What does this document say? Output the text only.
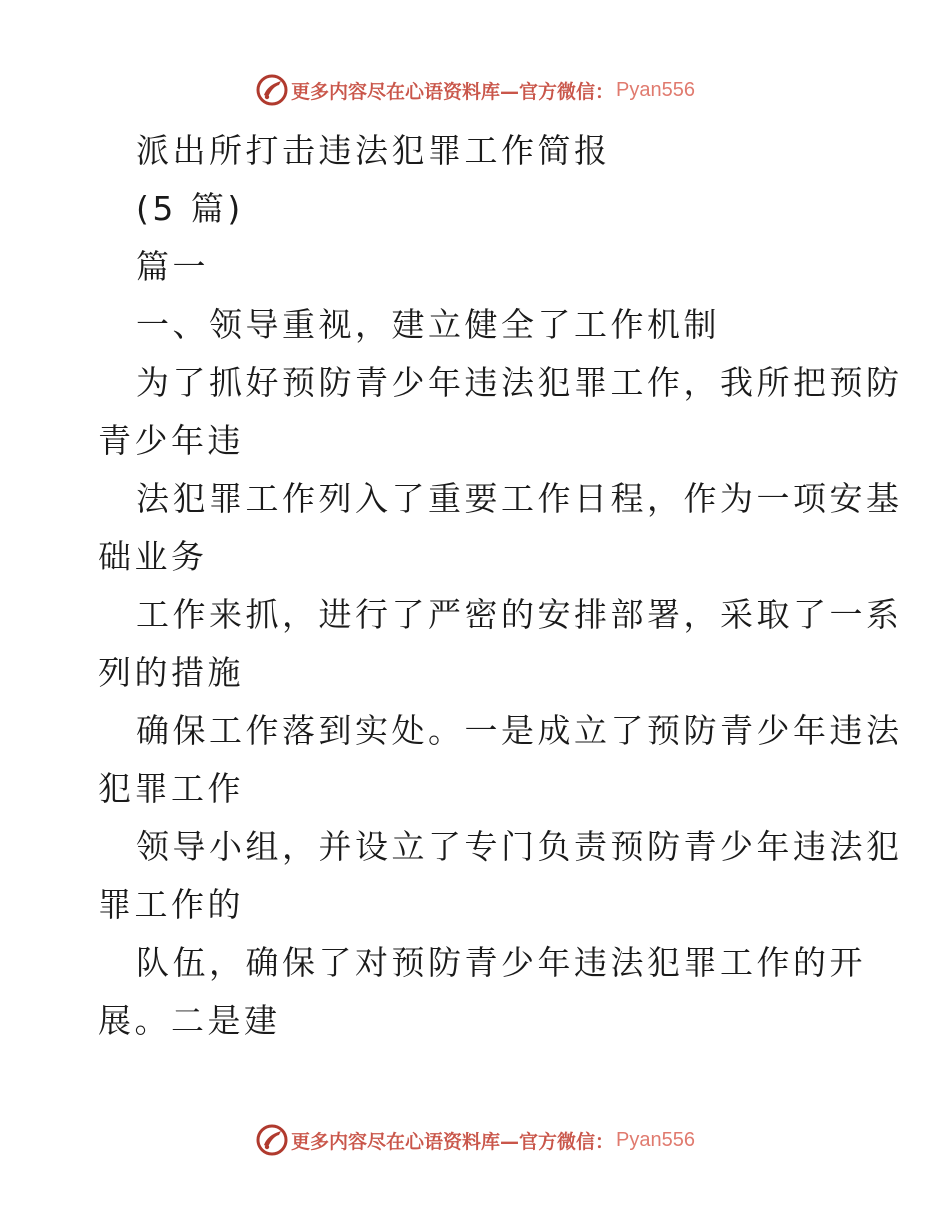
更多内容尽在心语资料库—官方微信： Pyan556

派出所打击违法犯罪工作简报

(5 篇)

篇一

一、领导重视，建立健全了工作机制

为了抓好预防青少年违法犯罪工作，我所把预防

青少年违

法犯罪工作列入了重要工作日程，作为一项安基

础业务

工作来抓，进行了严密的安排部署，采取了一系

列的措施

确保工作落到实处。一是成立了预防青少年违法

犯罪工作

领导小组，并设立了专门负责预防青少年违法犯

罪工作的

队伍，确保了对预防青少年违法犯罪工作的开

展。二是建

更多内容尽在心语资料库—官方微信： Pyan556
